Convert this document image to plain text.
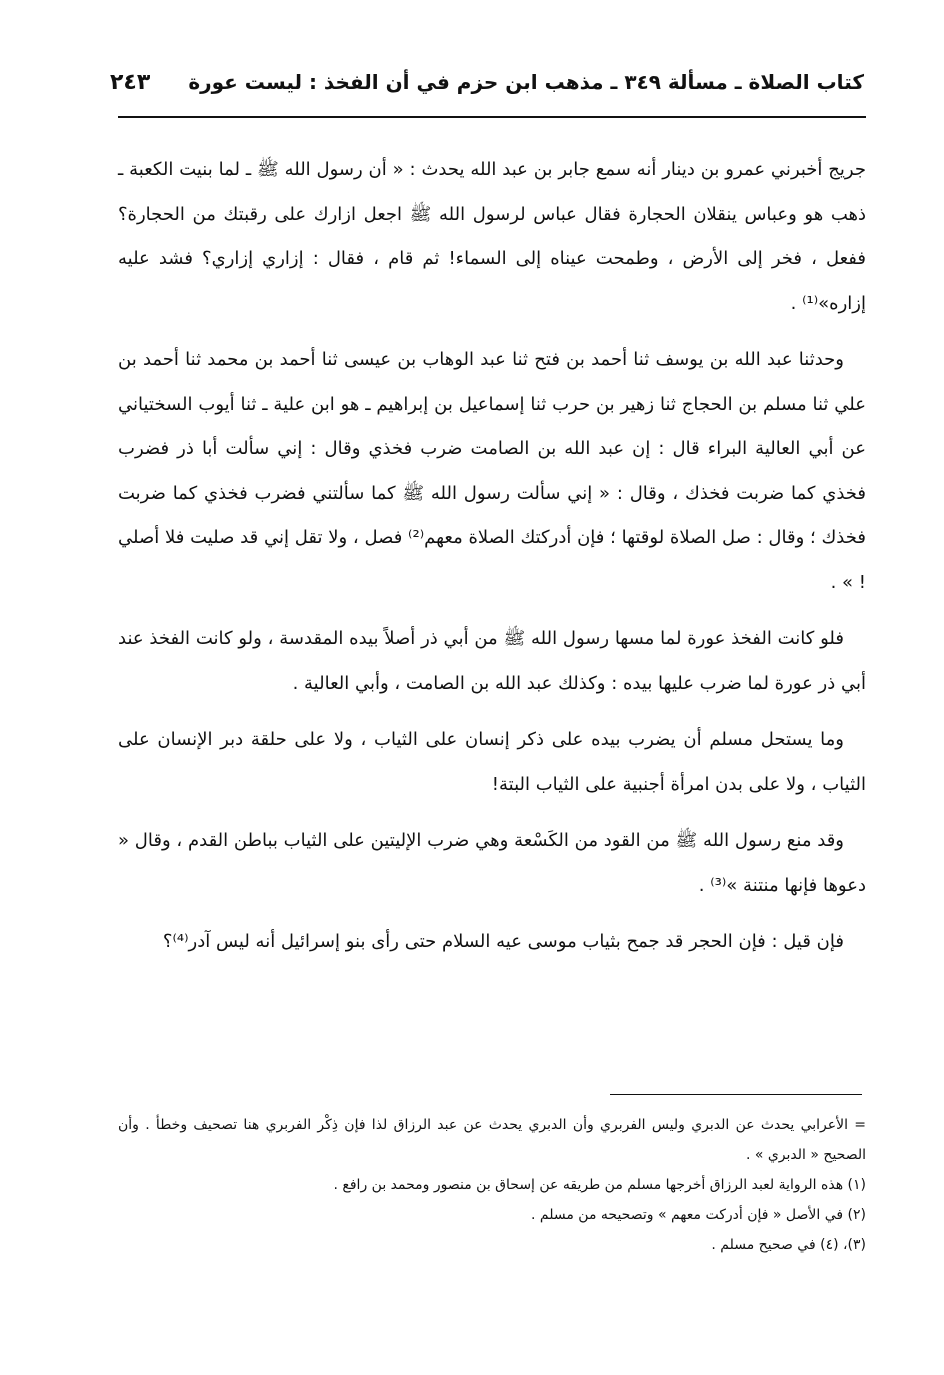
كتاب الصلاة ـ مسألة ٣٤٩ ـ مذهب ابن حزم في أن الفخذ : ليست عورة
٢٤٣

جريج أخبرني عمرو بن دينار أنه سمع جابر بن عبد الله يحدث : « أن رسول الله ﷺ ـ لما بنيت الكعبة ـ ذهب هو وعباس ينقلان الحجارة فقال عباس لرسول الله ﷺ اجعل ازارك على رقبتك من الحجارة؟ ففعل ، فخر إلى الأرض ، وطمحت عيناه إلى السماء! ثم قام ، فقال : إزاري إزاري؟ فشد عليه إزاره»⁽¹⁾ .

وحدثنا عبد الله بن يوسف ثنا أحمد بن فتح ثنا عبد الوهاب بن عيسى ثنا أحمد بن محمد ثنا أحمد بن علي ثنا مسلم بن الحجاج ثنا زهير بن حرب ثنا إسماعيل بن إبراهيم ـ هو ابن علية ـ ثنا أيوب السختياني عن أبي العالية البراء قال : إن عبد الله بن الصامت ضرب فخذي وقال : إني سألت أبا ذر فضرب فخذي كما ضربت فخذك ، وقال : « إني سألت رسول الله ﷺ كما سألتني فضرب فخذي كما ضربت فخذك ؛ وقال : صل الصلاة لوقتها ؛ فإن أدركتك الصلاة معهم⁽²⁾ فصل ، ولا تقل إني قد صليت فلا أصلي ! » .

فلو كانت الفخذ عورة لما مسها رسول الله ﷺ من أبي ذر أصلاً بيده المقدسة ، ولو كانت الفخذ عند أبي ذر عورة لما ضرب عليها بيده : وكذلك عبد الله بن الصامت ، وأبي العالية .

وما يستحل مسلم أن يضرب بيده على ذكر إنسان على الثياب ، ولا على حلقة دبر الإنسان على الثياب ، ولا على بدن امرأة أجنبية على الثياب البتة!

وقد منع رسول الله ﷺ من القود من الكَسْعة وهي ضرب الإليتين على الثياب بباطن القدم ، وقال « دعوها فإنها منتنة »⁽³⁾ .

فإن قيل : فإن الحجر قد جمح بثياب موسى عيه السلام حتى رأى بنو إسرائيل أنه ليس آدر⁽⁴⁾؟

= الأعرابي يحدث عن الدبري وليس الفربري وأن الدبري يحدث عن عبد الرزاق لذا فإن ذِكْر الفربري هنا تصحيف وخطأ . وأن الصحيح « الدبري » .

(١) هذه الرواية لعبد الرزاق أخرجها مسلم من طريقه عن إسحاق بن منصور ومحمد بن رافع .

(٢) في الأصل « فإن أدركت معهم » وتصحيحه من مسلم .

(٣)، (٤) في صحيح مسلم .
